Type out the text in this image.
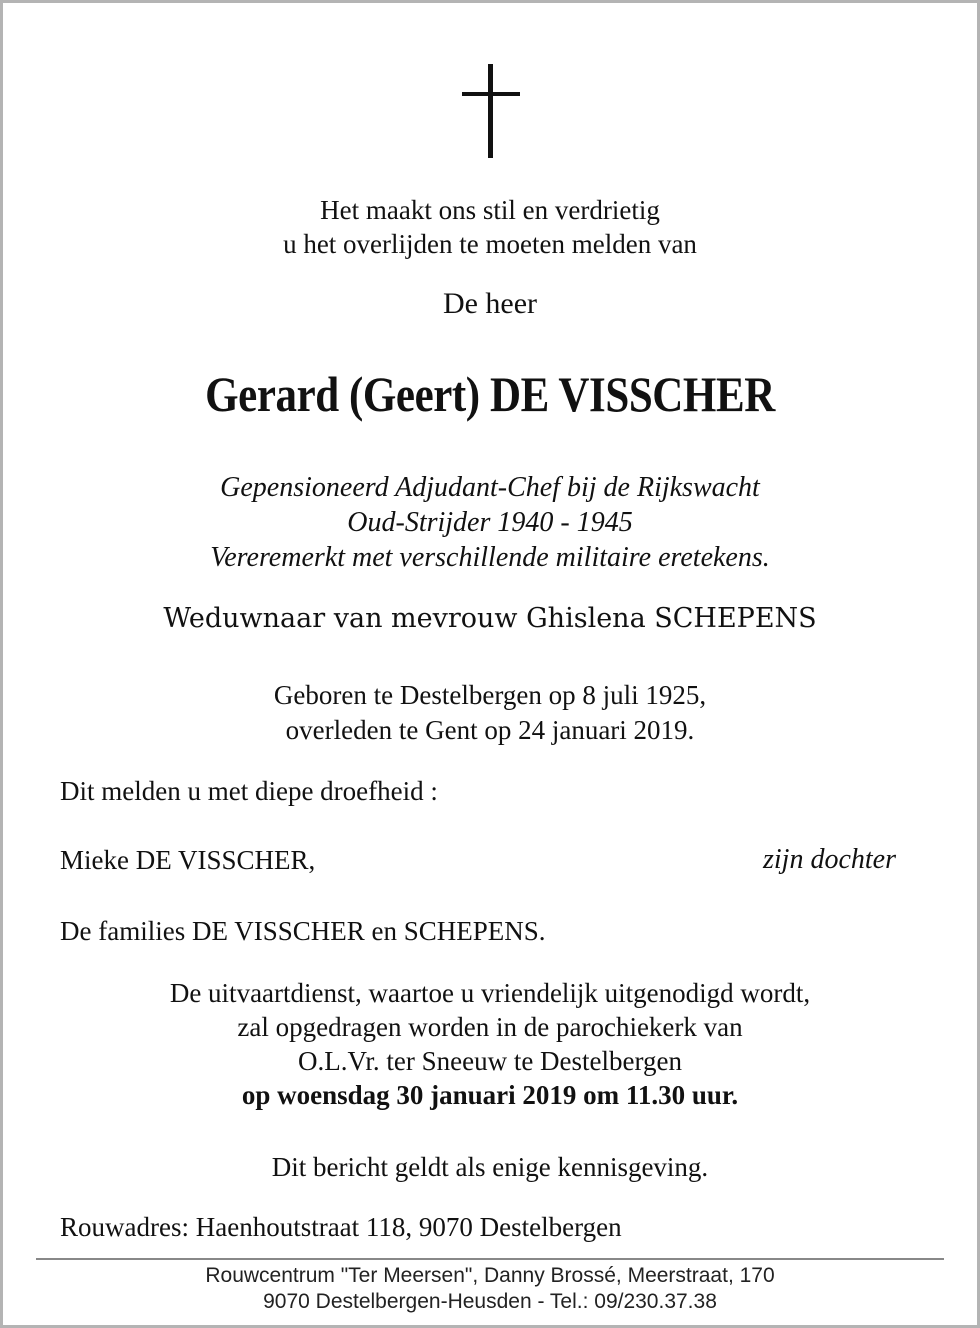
Het maakt ons stil en verdrietig
u het overlijden te moeten melden van
De heer
Gerard (Geert) DE VISSCHER
Gepensioneerd Adjudant-Chef bij de Rijkswacht
Oud-Strijder 1940 - 1945
Vereremerkt met verschillende militaire eretekens.
Weduwnaar van mevrouw Ghislena SCHEPENS
Geboren te Destelbergen op 8 juli 1925,
overleden te Gent op 24 januari 2019.
Dit melden u met diepe droefheid :
Mieke DE VISSCHER,	zijn dochter
De families DE VISSCHER en SCHEPENS.
De uitvaartdienst, waartoe u vriendelijk uitgenodigd wordt,
zal opgedragen worden in de parochiekerk van
O.L.Vr. ter Sneeuw te Destelbergen
op woensdag 30 januari 2019 om 11.30 uur.
Dit bericht geldt als enige kennisgeving.
Rouwadres: Haenhoutstraat 118, 9070 Destelbergen
Rouwcentrum "Ter Meersen", Danny Brossé, Meerstraat, 170
9070 Destelbergen-Heusden - Tel.: 09/230.37.38
